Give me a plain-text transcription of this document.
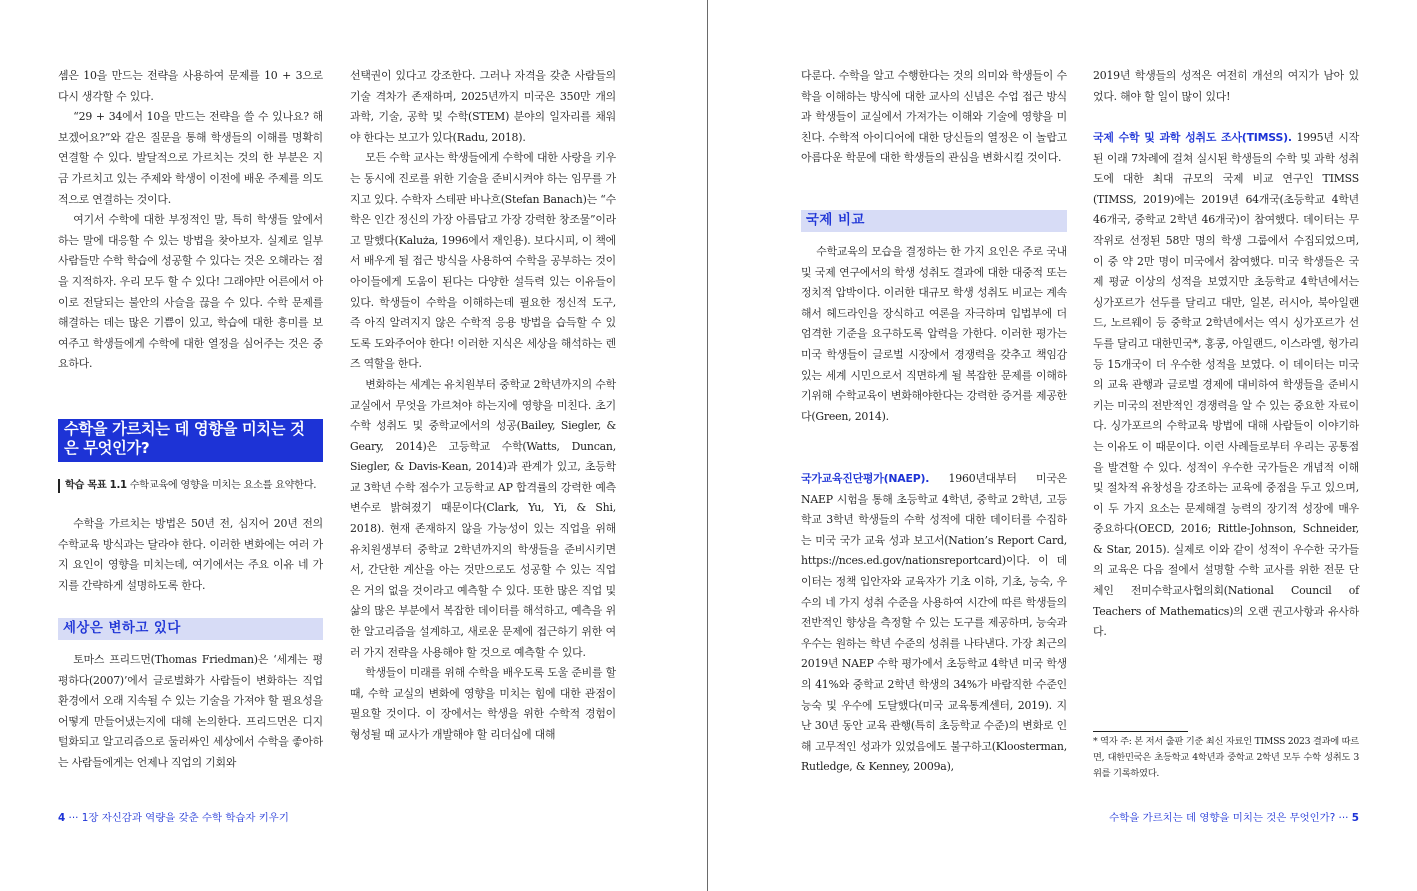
셈은 10을 만드는 전략을 사용하여 문제를 10 + 3으로 다시 생각할 수 있다.

“29 + 34에서 10을 만드는 전략을 쓸 수 있나요? 해보겠어요?”와 같은 질문을 통해 학생들의 이해를 명확히 연결할 수 있다. 발달적으로 가르치는 것의 한 부분은 지금 가르치고 있는 주제와 학생이 이전에 배운 주제를 의도적으로 연결하는 것이다.

여기서 수학에 대한 부정적인 말, 특히 학생들 앞에서 하는 말에 대응할 수 있는 방법을 찾아보자. 실제로 일부 사람들만 수학 학습에 성공할 수 있다는 것은 오해라는 점을 지적하자. 우리 모두 할 수 있다! 그래야만 어른에서 아이로 전달되는 불안의 사슬을 끊을 수 있다. 수학 문제를 해결하는 데는 많은 기쁨이 있고, 학습에 대한 흥미를 보여주고 학생들에게 수학에 대한 열정을 심어주는 것은 중요하다.

수학을 가르치는 데 영향을 미치는 것은 무엇인가?
학습 목표 1.1 수학교육에 영향을 미치는 요소를 요약한다.

수학을 가르치는 방법은 50년 전, 심지어 20년 전의 수학교육 방식과는 달라야 한다. 이러한 변화에는 여러 가지 요인이 영향을 미치는데, 여기에서는 주요 이유 네 가지를 간략하게 설명하도록 한다.

세상은 변하고 있다

토마스 프리드먼(Thomas Friedman)은 ‘세계는 평평하다(2007)’에서 글로벌화가 사람들이 변화하는 직업 환경에서 오래 지속될 수 있는 기술을 가져야 할 필요성을 어떻게 만들어냈는지에 대해 논의한다. 프리드먼은 디지털화되고 알고리즘으로 둘러싸인 세상에서 수학을 좋아하는 사람들에게는 언제나 직업의 기회와

선택권이 있다고 강조한다. 그러나 자격을 갖춘 사람들의 기술 격차가 존재하며, 2025년까지 미국은 350만 개의 과학, 기술, 공학 및 수학(STEM) 분야의 일자리를 채워야 한다는 보고가 있다(Radu, 2018).

모든 수학 교사는 학생들에게 수학에 대한 사랑을 키우는 동시에 진로를 위한 기술을 준비시켜야 하는 임무를 가지고 있다. 수학자 스테판 바나흐(Stefan Banach)는 “수학은 인간 정신의 가장 아름답고 가장 강력한 창조물”이라고 말했다(Kaluża, 1996에서 재인용). 보다시피, 이 책에서 배우게 될 접근 방식을 사용하여 수학을 공부하는 것이 아이들에게 도움이 된다는 다양한 설득력 있는 이유들이 있다. 학생들이 수학을 이해하는데 필요한 정신적 도구, 즉 아직 알려지지 않은 수학적 응용 방법을 습득할 수 있도록 도와주어야 한다! 이러한 지식은 세상을 해석하는 렌즈 역할을 한다.

변화하는 세계는 유치원부터 중학교 2학년까지의 수학 교실에서 무엇을 가르쳐야 하는지에 영향을 미친다. 초기 수학 성취도 및 중학교에서의 성공(Bailey, Siegler, & Geary, 2014)은 고등학교 수학(Watts, Duncan, Siegler, & Davis-Kean, 2014)과 관계가 있고, 초등학교 3학년 수학 점수가 고등학교 AP 합격률의 강력한 예측 변수로 밝혀졌기 때문이다(Clark, Yu, Yi, & Shi, 2018). 현재 존재하지 않을 가능성이 있는 직업을 위해 유치원생부터 중학교 2학년까지의 학생들을 준비시키면서, 간단한 계산을 아는 것만으로도 성공할 수 있는 직업은 거의 없을 것이라고 예측할 수 있다. 또한 많은 직업 및 삶의 많은 부분에서 복잡한 데이터를 해석하고, 예측을 위한 알고리즘을 설계하고, 새로운 문제에 접근하기 위한 여러 가지 전략을 사용해야 할 것으로 예측할 수 있다.

학생들이 미래를 위해 수학을 배우도록 도울 준비를 할 때, 수학 교실의 변화에 영향을 미치는 힘에 대한 관점이 필요할 것이다. 이 장에서는 학생을 위한 수학적 경험이 형성될 때 교사가 개발해야 할 리더십에 대해

다룬다. 수학을 알고 수행한다는 것의 의미와 학생들이 수학을 이해하는 방식에 대한 교사의 신념은 수업 접근 방식과 학생들이 교실에서 가져가는 이해와 기술에 영향을 미친다. 수학적 아이디어에 대한 당신들의 열정은 이 놀랍고 아름다운 학문에 대한 학생들의 관심을 변화시킬 것이다.

국제 비교

수학교육의 모습을 결정하는 한 가지 요인은 주로 국내 및 국제 연구에서의 학생 성취도 결과에 대한 대중적 또는 정치적 압박이다. 이러한 대규모 학생 성취도 비교는 계속해서 헤드라인을 장식하고 여론을 자극하며 입법부에 더 엄격한 기준을 요구하도록 압력을 가한다. 이러한 평가는 미국 학생들이 글로벌 시장에서 경쟁력을 갖추고 책임감 있는 세계 시민으로서 직면하게 될 복잡한 문제를 이해하기위해 수학교육이 변화해야한다는 강력한 증거를 제공한다(Green, 2014).

국가교육진단평가(NAEP). 1960년대부터 미국은 NAEP 시험을 통해 초등학교 4학년, 중학교 2학년, 고등학교 3학년 학생들의 수학 성적에 대한 데이터를 수집하는 미국 국가 교육 성과 보고서(Nation’s Report Card, https://nces.ed.gov/nationsreportcard)이다. 이 데이터는 정책 입안자와 교육자가 기초 이하, 기초, 능숙, 우수의 네 가지 성취 수준을 사용하여 시간에 따른 학생들의 전반적인 향상을 측정할 수 있는 도구를 제공하며, 능숙과 우수는 원하는 학년 수준의 성취를 나타낸다. 가장 최근의 2019년 NAEP 수학 평가에서 초등학교 4학년 미국 학생의 41%와 중학교 2학년 학생의 34%가 바람직한 수준인 능숙 및 우수에 도달했다(미국 교육통계센터, 2019). 지난 30년 동안 교육 관행(특히 초등학교 수준)의 변화로 인해 고무적인 성과가 있었음에도 불구하고(Kloosterman, Rutledge, & Kenney, 2009a),

2019년 학생들의 성적은 여전히 개선의 여지가 남아 있었다. 해야 할 일이 많이 있다!

국제 수학 및 과학 성취도 조사(TIMSS). 1995년 시작된 이래 7차례에 걸쳐 실시된 학생들의 수학 및 과학 성취도에 대한 최대 규모의 국제 비교 연구인 TIMSS (TIMSS, 2019)에는 2019년 64개국(초등학교 4학년 46개국, 중학교 2학년 46개국)이 참여했다. 데이터는 무작위로 선정된 58만 명의 학생 그룹에서 수집되었으며, 이 중 약 2만 명이 미국에서 참여했다. 미국 학생들은 국제 평균 이상의 성적을 보였지만 초등학교 4학년에서는 싱가포르가 선두를 달리고 대만, 일본, 러시아, 북아일랜드, 노르웨이 등 중학교 2학년에서는 역시 싱가포르가 선두를 달리고 대한민국*, 홍콩, 아일랜드, 이스라엘, 헝가리 등 15개국이 더 우수한 성적을 보였다. 이 데이터는 미국의 교육 관행과 글로벌 경제에 대비하여 학생들을 준비시키는 미국의 전반적인 경쟁력을 알 수 있는 중요한 자료이다. 싱가포르의 수학교육 방법에 대해 사람들이 이야기하는 이유도 이 때문이다. 이런 사례들로부터 우리는 공통점을 발견할 수 있다. 성적이 우수한 국가들은 개념적 이해 및 절차적 유창성을 강조하는 교육에 중점을 두고 있으며, 이 두 가지 요소는 문제해결 능력의 장기적 성장에 매우 중요하다(OECD, 2016; Rittle-Johnson, Schneider, & Star, 2015). 실제로 이와 같이 성적이 우수한 국가들의 교육은 다음 절에서 설명할 수학 교사를 위한 전문 단체인 전미수학교사협의회(National Council of Teachers of Mathematics)의 오랜 권고사항과 유사하다.

* 역자 주: 본 저서 출판 기준 최신 자료인 TIMSS 2023 결과에 따르면, 대한민국은 초등학교 4학년과 중학교 2학년 모두 수학 성취도 3위를 기록하였다.
4 ··· 1장 자신감과 역량을 갖춘 수학 학습자 키우기	수학을 가르치는 데 영향을 미치는 것은 무엇인가? ··· 5
